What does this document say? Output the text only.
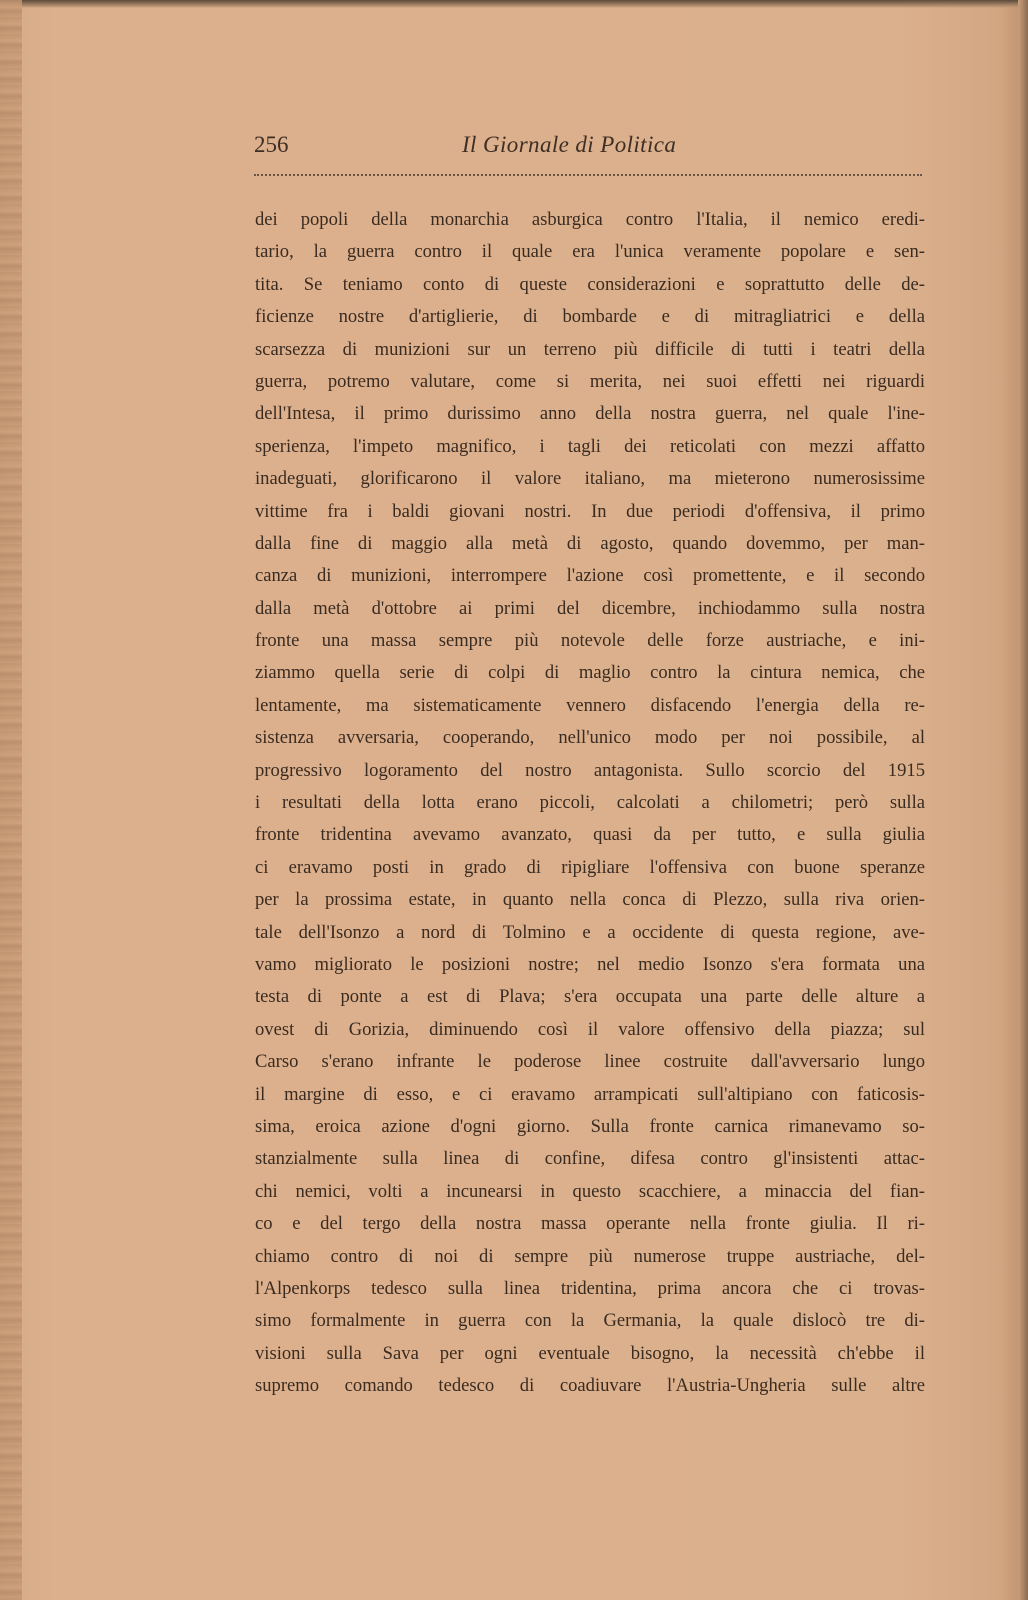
256	Il Giornale di Politica
dei popoli della monarchia asburgica contro l'Italia, il nemico eredi-
tario, la guerra contro il quale era l'unica veramente popolare e sen-
tita. Se teniamo conto di queste considerazioni e soprattutto delle de-
ficienze nostre d'artiglierie, di bombarde e di mitragliatrici e della
scarsezza di munizioni sur un terreno più difficile di tutti i teatri della
guerra, potremo valutare, come si merita, nei suoi effetti nei riguardi
dell'Intesa, il primo durissimo anno della nostra guerra, nel quale l'ine-
sperienza, l'impeto magnifico, i tagli dei reticolati con mezzi affatto
inadeguati, glorificarono il valore italiano, ma mieterono numerosissime
vittime fra i baldi giovani nostri. In due periodi d'offensiva, il primo
dalla fine di maggio alla metà di agosto, quando dovemmo, per man-
canza di munizioni, interrompere l'azione così promettente, e il secondo
dalla metà d'ottobre ai primi del dicembre, inchiodammo sulla nostra
fronte una massa sempre più notevole delle forze austriache, e ini-
ziammo quella serie di colpi di maglio contro la cintura nemica, che
lentamente, ma sistematicamente vennero disfacendo l'energia della re-
sistenza avversaria, cooperando, nell'unico modo per noi possibile, al
progressivo logoramento del nostro antagonista. Sullo scorcio del 1915
i resultati della lotta erano piccoli, calcolati a chilometri; però sulla
fronte tridentina avevamo avanzato, quasi da per tutto, e sulla giulia
ci eravamo posti in grado di ripigliare l'offensiva con buone speranze
per la prossima estate, in quanto nella conca di Plezzo, sulla riva orien-
tale dell'Isonzo a nord di Tolmino e a occidente di questa regione, ave-
vamo migliorato le posizioni nostre; nel medio Isonzo s'era formata una
testa di ponte a est di Plava; s'era occupata una parte delle alture a
ovest di Gorizia, diminuendo così il valore offensivo della piazza; sul
Carso s'erano infrante le poderose linee costruite dall'avversario lungo
il margine di esso, e ci eravamo arrampicati sull'altipiano con faticosis-
sima, eroica azione d'ogni giorno. Sulla fronte carnica rimanevamo so-
stanzialmente sulla linea di confine, difesa contro gl'insistenti attac-
chi nemici, volti a incunearsi in questo scacchiere, a minaccia del fian-
co e del tergo della nostra massa operante nella fronte giulia. Il ri-
chiamo contro di noi di sempre più numerose truppe austriache, del-
l'Alpenkorps tedesco sulla linea tridentina, prima ancora che ci trovas-
simo formalmente in guerra con la Germania, la quale dislocò tre di-
visioni sulla Sava per ogni eventuale bisogno, la necessità ch'ebbe il
supremo comando tedesco di coadiuvare l'Austria-Ungheria sulle altre
